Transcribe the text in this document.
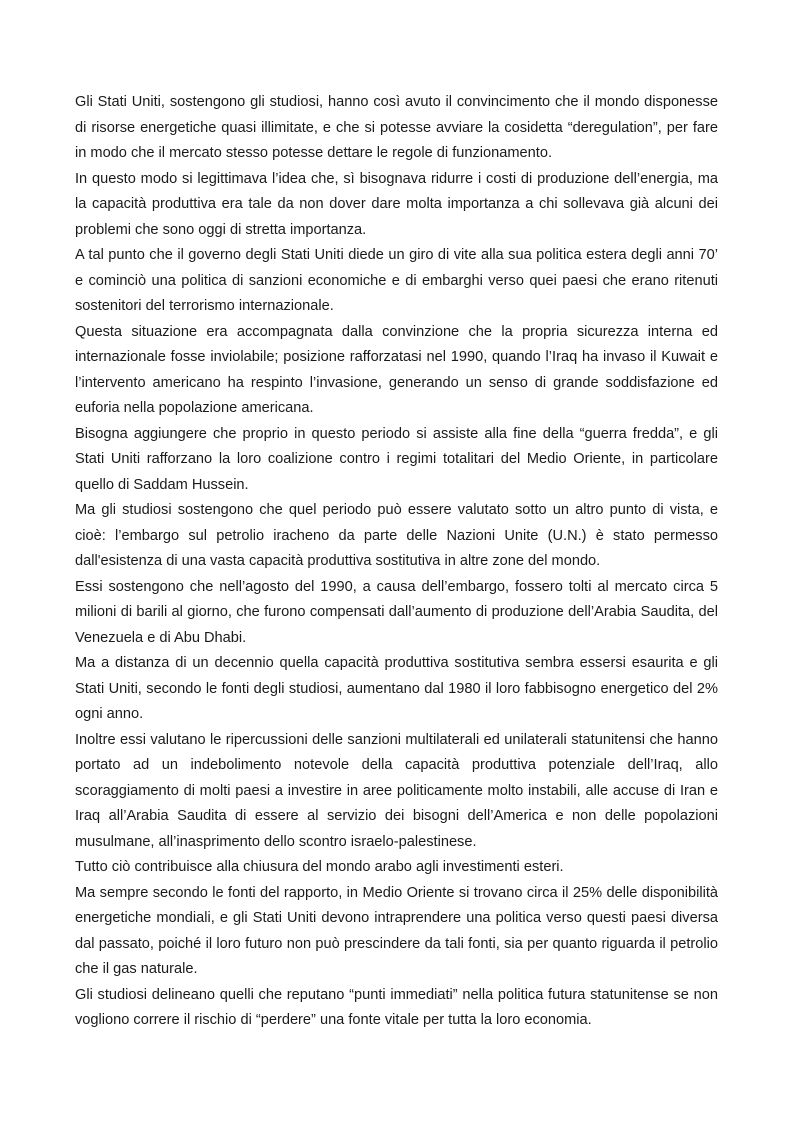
Gli Stati Uniti, sostengono gli studiosi, hanno così avuto il convincimento che il mondo disponesse di risorse energetiche quasi illimitate, e che si potesse avviare la cosidetta “deregulation”, per fare in modo che il mercato stesso potesse dettare le regole di funzionamento.

In questo modo si legittimava l’idea che, sì bisognava ridurre i costi di produzione dell’energia, ma la capacità produttiva era tale da non dover dare molta importanza a chi sollevava già alcuni dei problemi che sono oggi di stretta importanza.

A tal punto che il governo degli Stati Uniti diede un giro di vite alla sua politica estera degli anni 70’ e cominciò una politica di sanzioni economiche e di embarghi verso quei paesi che erano ritenuti sostenitori del terrorismo internazionale.

Questa situazione era accompagnata dalla convinzione che la propria sicurezza interna ed internazionale fosse inviolabile; posizione rafforzatasi nel 1990, quando l’Iraq ha invaso il Kuwait e l’intervento americano ha respinto l’invasione, generando un senso di grande soddisfazione ed euforia nella popolazione americana.

Bisogna aggiungere che proprio in questo periodo si assiste alla fine della “guerra fredda”, e gli Stati Uniti rafforzano la loro coalizione contro i regimi totalitari del Medio Oriente, in particolare quello di Saddam Hussein.

Ma gli studiosi sostengono che quel periodo può essere valutato sotto un altro punto di vista, e cioè: l’embargo sul petrolio iracheno da parte delle Nazioni Unite (U.N.) è stato permesso dall'esistenza di una vasta capacità produttiva sostitutiva in altre zone del mondo.

Essi sostengono che nell’agosto del 1990, a causa dell’embargo, fossero tolti al mercato circa 5 milioni di barili al giorno, che furono compensati dall’aumento di produzione dell’Arabia Saudita, del Venezuela e di Abu Dhabi.

Ma a distanza di un decennio quella capacità produttiva sostitutiva sembra essersi esaurita e gli Stati Uniti, secondo le fonti degli studiosi, aumentano dal 1980 il loro fabbisogno energetico del 2% ogni anno.

Inoltre essi valutano le ripercussioni delle sanzioni multilaterali ed unilaterali statunitensi che hanno portato ad un indebolimento notevole della capacità produttiva potenziale dell’Iraq, allo scoraggiamento di molti paesi a investire in aree politicamente molto instabili, alle accuse di Iran e Iraq all’Arabia Saudita di essere al servizio dei bisogni dell’America e non delle popolazioni musulmane, all’inasprimento dello scontro israelo-palestinese.

Tutto ciò contribuisce alla chiusura del mondo arabo agli investimenti esteri.

Ma sempre secondo le fonti del rapporto, in Medio Oriente si trovano circa il 25% delle disponibilità energetiche mondiali, e gli Stati Uniti devono intraprendere una politica verso questi paesi diversa dal passato, poiché il loro futuro non può prescindere da tali fonti, sia per quanto riguarda il petrolio che il gas naturale.

Gli studiosi delineano quelli che reputano “punti immediati” nella politica futura statunitense se non vogliono correre il rischio di “perdere” una fonte vitale per tutta la loro economia.
